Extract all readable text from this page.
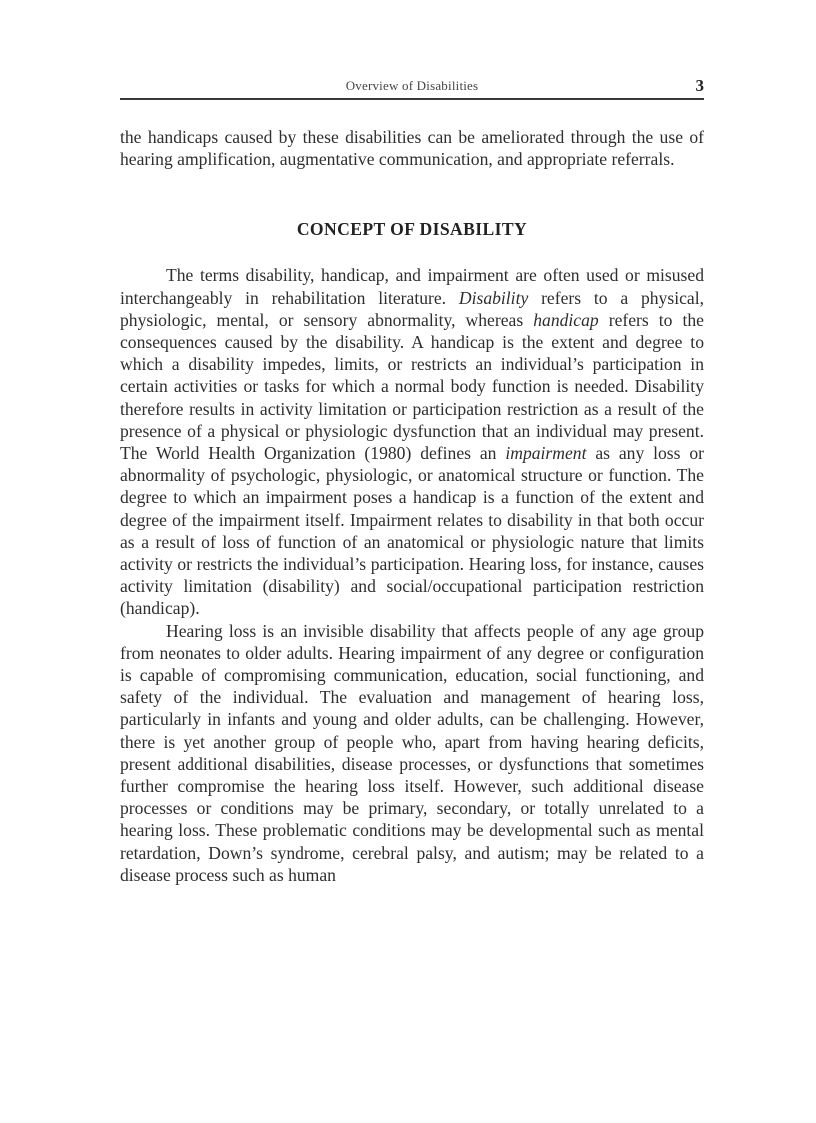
Overview of Disabilities	3

the handicaps caused by these disabilities can be ameliorated through the use of hearing amplification, augmentative communication, and appropriate referrals.

CONCEPT OF DISABILITY

The terms disability, handicap, and impairment are often used or misused interchangeably in rehabilitation literature. Disability refers to a physical, physiologic, mental, or sensory abnormality, whereas handicap refers to the consequences caused by the disability. A handicap is the extent and degree to which a disability impedes, limits, or restricts an individual’s participation in certain activities or tasks for which a normal body function is needed. Disability therefore results in activity limitation or participation restriction as a result of the presence of a physical or physiologic dysfunction that an individual may present. The World Health Organization (1980) defines an impairment as any loss or abnormality of psychologic, physiologic, or anatomical structure or function. The degree to which an impairment poses a handicap is a function of the extent and degree of the impairment itself. Impairment relates to disability in that both occur as a result of loss of function of an anatomical or physiologic nature that limits activity or restricts the individual’s participation. Hearing loss, for instance, causes activity limitation (disability) and social/occupational participation restriction (handicap).

Hearing loss is an invisible disability that affects people of any age group from neonates to older adults. Hearing impairment of any degree or configuration is capable of compromising communication, education, social functioning, and safety of the individual. The evaluation and management of hearing loss, particularly in infants and young and older adults, can be challenging. However, there is yet another group of people who, apart from having hearing deficits, present additional disabilities, disease processes, or dysfunctions that sometimes further compromise the hearing loss itself. However, such additional disease processes or conditions may be primary, secondary, or totally unrelated to a hearing loss. These problematic conditions may be developmental such as mental retardation, Down’s syndrome, cerebral palsy, and autism; may be related to a disease process such as human
